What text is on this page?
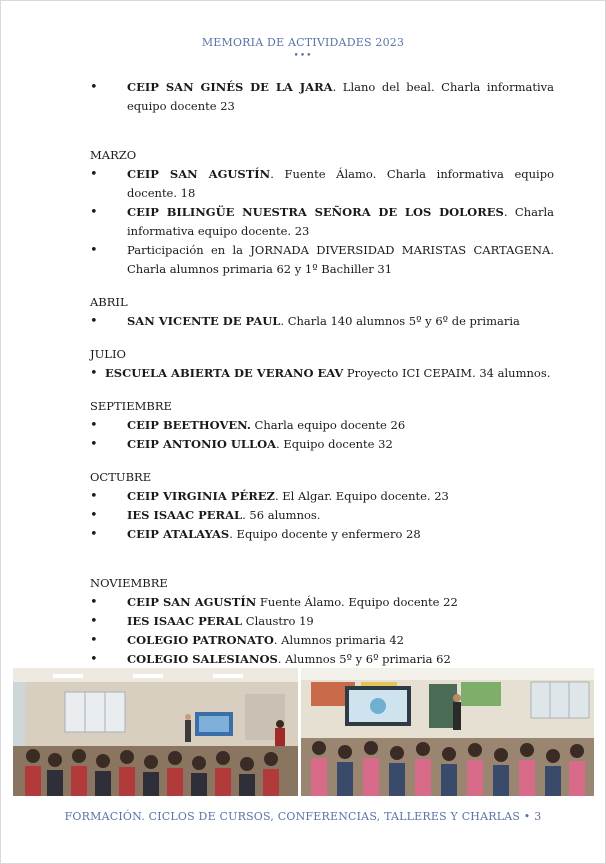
MEMORIA DE ACTIVIDADES 2023
•••
•	CEIP SAN GINÉS DE LA JARA. Llano del beal. Charla informativa equipo docente 23
MARZO
•	CEIP SAN AGUSTÍN. Fuente Álamo. Charla informativa equipo docente. 18
•	CEIP BILINGÜE NUESTRA SEÑORA DE LOS DOLORES. Charla informativa equipo docente. 23
•	Participación en la JORNADA DIVERSIDAD MARISTAS CARTAGENA. Charla alumnos primaria 62 y 1º Bachiller 31
ABRIL
•	SAN VICENTE DE PAUL. Charla 140 alumnos 5º y 6º de primaria
JULIO
• ESCUELA ABIERTA DE VERANO EAV Proyecto ICI CEPAIM. 34 alumnos.
SEPTIEMBRE
•	CEIP BEETHOVEN. Charla equipo docente 26
•	CEIP ANTONIO ULLOA. Equipo docente 32
OCTUBRE
•	CEIP VIRGINIA PÉREZ. El Algar. Equipo docente. 23
•	IES ISAAC PERAL. 56 alumnos.
•	CEIP ATALAYAS. Equipo docente y enfermero 28
NOVIEMBRE
•	CEIP SAN AGUSTÍN Fuente Álamo. Equipo docente 22
•	IES ISAAC PERAL Claustro 19
•	COLEGIO PATRONATO. Alumnos primaria 42
•	COLEGIO SALESIANOS. Alumnos 5º y 6º primaria 62
FORMACIÓN. CICLOS DE CURSOS, CONFERENCIAS, TALLERES Y CHARLAS • 3
